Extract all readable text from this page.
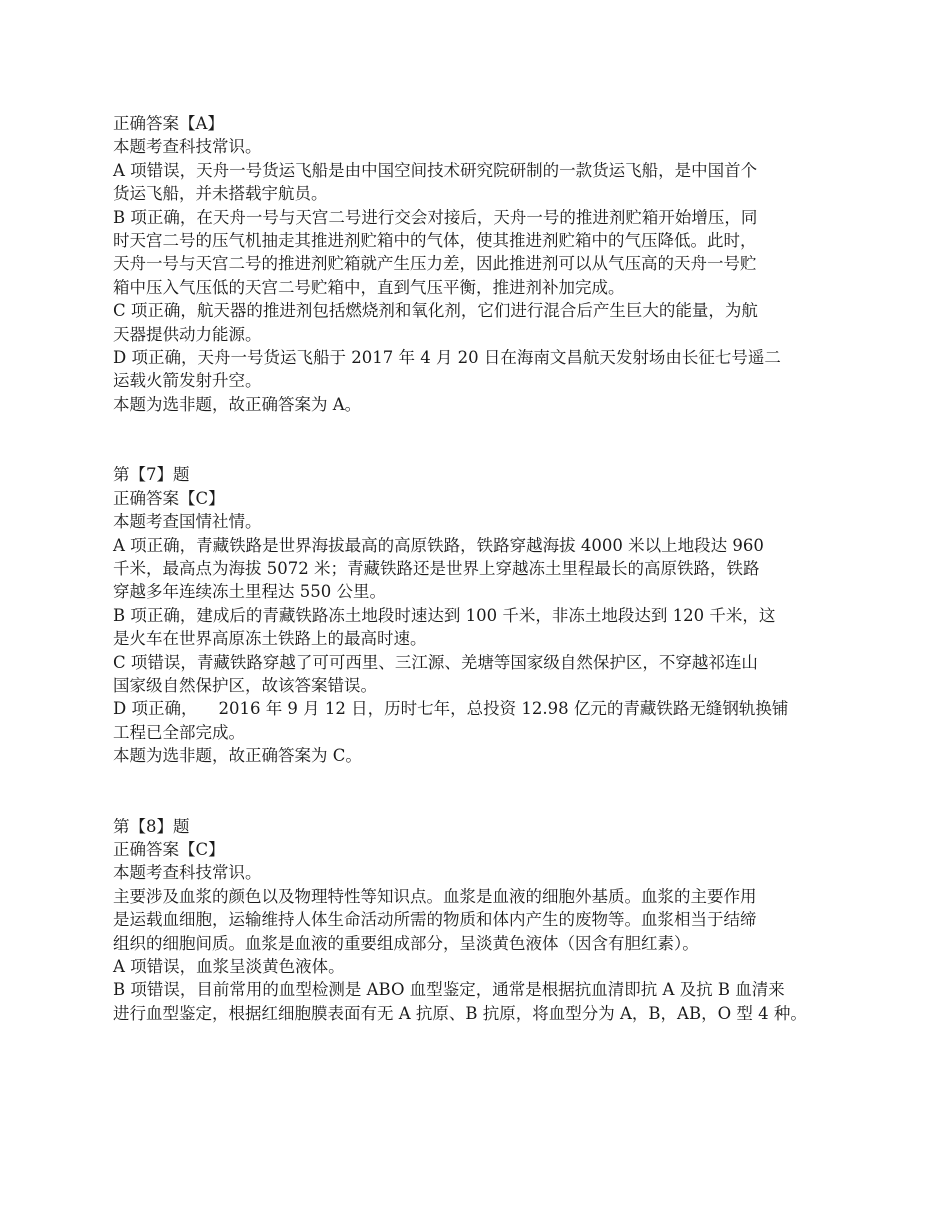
正确答案【A】

本题考查科技常识。

A 项错误，天舟一号货运飞船是由中国空间技术研究院研制的一款货运飞船，是中国首个

货运飞船，并未搭载宇航员。

B 项正确，在天舟一号与天宫二号进行交会对接后，天舟一号的推进剂贮箱开始增压，同

时天宫二号的压气机抽走其推进剂贮箱中的气体，使其推进剂贮箱中的气压降低。此时，

天舟一号与天宫二号的推进剂贮箱就产生压力差，因此推进剂可以从气压高的天舟一号贮

箱中压入气压低的天宫二号贮箱中，直到气压平衡，推进剂补加完成。

C 项正确，航天器的推进剂包括燃烧剂和氧化剂，它们进行混合后产生巨大的能量，为航

天器提供动力能源。

D 项正确，天舟一号货运飞船于 2017 年 4 月 20 日在海南文昌航天发射场由长征七号遥二

运载火箭发射升空。

本题为选非题，故正确答案为 A。

第【7】题

正确答案【C】

本题考查国情社情。

A 项正确，青藏铁路是世界海拔最高的高原铁路，铁路穿越海拔 4000 米以上地段达 960

千米，最高点为海拔 5072 米；青藏铁路还是世界上穿越冻土里程最长的高原铁路，铁路

穿越多年连续冻土里程达 550 公里。

B 项正确，建成后的青藏铁路冻土地段时速达到 100 千米，非冻土地段达到 120 千米，这

是火车在世界高原冻土铁路上的最高时速。

C 项错误，青藏铁路穿越了可可西里、三江源、羌塘等国家级自然保护区，不穿越祁连山

国家级自然保护区，故该答案错误。

D 项正确，    2016 年 9 月 12 日，历时七年，总投资 12.98 亿元的青藏铁路无缝钢轨换铺

工程已全部完成。

本题为选非题，故正确答案为 C。

第【8】题

正确答案【C】

本题考查科技常识。

主要涉及血浆的颜色以及物理特性等知识点。血浆是血液的细胞外基质。血浆的主要作用

是运载血细胞，运输维持人体生命活动所需的物质和体内产生的废物等。血浆相当于结缔

组织的细胞间质。血浆是血液的重要组成部分，呈淡黄色液体（因含有胆红素）。

A 项错误，血浆呈淡黄色液体。

B 项错误，目前常用的血型检测是 ABO 血型鉴定，通常是根据抗血清即抗 A 及抗 B 血清来

进行血型鉴定，根据红细胞膜表面有无 A 抗原、B 抗原，将血型分为 A，B，AB，O 型 4 种。
